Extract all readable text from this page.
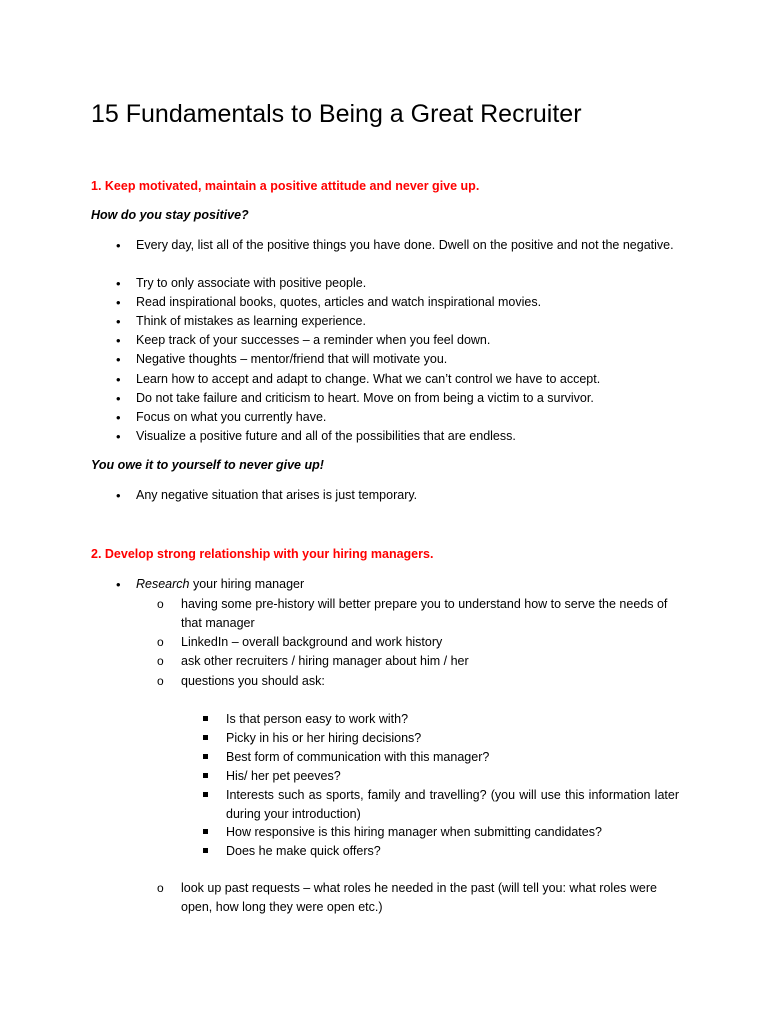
15 Fundamentals to Being a Great Recruiter
1. Keep motivated, maintain a positive attitude and never give up.
How do you stay positive?
• Every day, list all of the positive things you have done. Dwell on the positive and not the negative.
• Try to only associate with positive people.
• Read inspirational books, quotes, articles and watch inspirational movies.
• Think of mistakes as learning experience.
• Keep track of your successes – a reminder when you feel down.
• Negative thoughts – mentor/friend that will motivate you.
• Learn how to accept and adapt to change. What we can’t control we have to accept.
• Do not take failure and criticism to heart. Move on from being a victim to a survivor.
• Focus on what you currently have.
• Visualize a positive future and all of the possibilities that are endless.
You owe it to yourself to never give up!
• Any negative situation that arises is just temporary.
2. Develop strong relationship with your hiring managers.
• Research your hiring manager
o having some pre-history will better prepare you to understand how to serve the needs of that manager
o LinkedIn – overall background and work history
o ask other recruiters / hiring manager about him / her
o questions you should ask:
Is that person easy to work with?
Picky in his or her hiring decisions?
Best form of communication with this manager?
His/ her pet peeves?
Interests such as sports, family and travelling? (you will use this information later during your introduction)
How responsive is this hiring manager when submitting candidates?
Does he make quick offers?
o look up past requests – what roles he needed in the past (will tell you: what roles were open, how long they were open etc.)
